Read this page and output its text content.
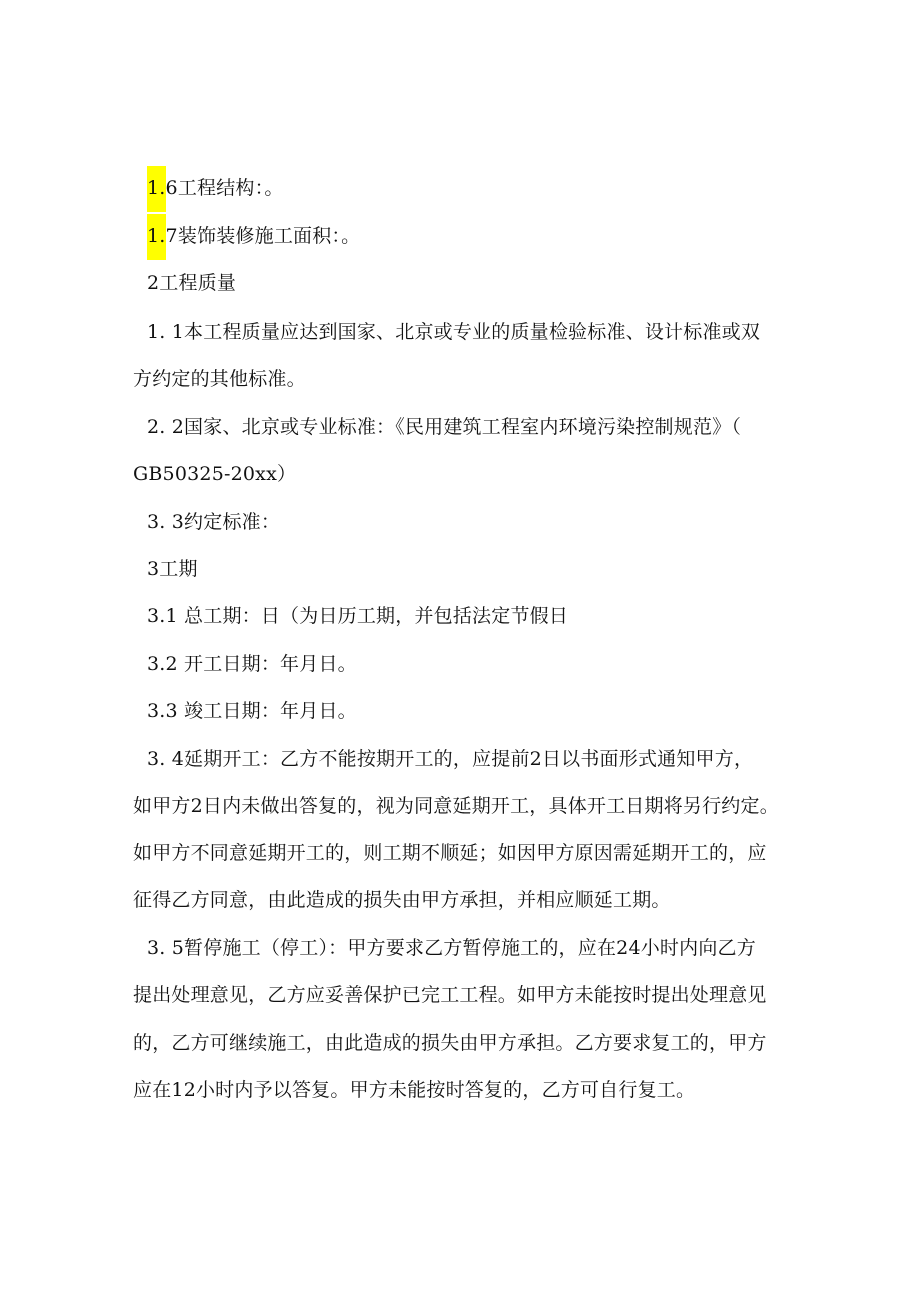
1.6工程结构：。
1.7装饰装修施工面积：。
2工程质量
1. 1本工程质量应达到国家、北京或专业的质量检验标准、设计标准或双
方约定的其他标准。
2. 2国家、北京或专业标准：《民用建筑工程室内环境污染控制规范》（
GB50325-20xx）
3. 3约定标准：
3工期
3.1 总工期：日（为日历工期，并包括法定节假日
3.2 开工日期：年月日。
3.3 竣工日期：年月日。
3. 4延期开工：乙方不能按期开工的，应提前2日以书面形式通知甲方，
如甲方2日内未做出答复的，视为同意延期开工，具体开工日期将另行约定。
如甲方不同意延期开工的，则工期不顺延；如因甲方原因需延期开工的，应
征得乙方同意，由此造成的损失由甲方承担，并相应顺延工期。
3. 5暂停施工（停工）：甲方要求乙方暂停施工的，应在24小时内向乙方
提出处理意见，乙方应妥善保护已完工工程。如甲方未能按时提出处理意见
的，乙方可继续施工，由此造成的损失由甲方承担。乙方要求复工的，甲方
应在12小时内予以答复。甲方未能按时答复的，乙方可自行复工。
